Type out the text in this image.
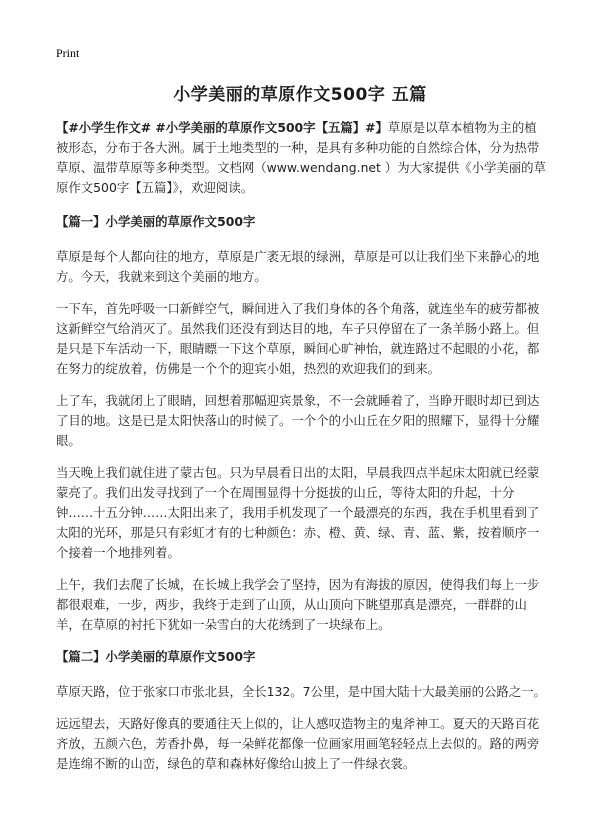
Print
小学美丽的草原作文500字 五篇

【#小学生作文# #小学美丽的草原作文500字【五篇】#】草原是以草本植物为主的植被形态，分布于各大洲。属于土地类型的一种，是具有多种功能的自然综合体，分为热带草原、温带草原等多种类型。文档网（www.wendang.net ）为大家提供《小学美丽的草原作文500字【五篇】》，欢迎阅读。

【篇一】小学美丽的草原作文500字

草原是每个人都向往的地方，草原是广袤无垠的绿洲，草原是可以让我们坐下来静心的地方。今天，我就来到这个美丽的地方。

一下车，首先呼吸一口新鲜空气，瞬间进入了我们身体的各个角落，就连坐车的疲劳都被这新鲜空气给消灭了。虽然我们还没有到达目的地，车子只停留在了一条羊肠小路上。但是只是下车活动一下，眼睛瞟一下这个草原，瞬间心旷神怡，就连路过不起眼的小花，都在努力的绽放着，仿佛是一个个的迎宾小姐，热烈的欢迎我们的到来。

上了车，我就闭上了眼睛，回想着那幅迎宾景象，不一会就睡着了，当睁开眼时却已到达了目的地。这是已是太阳快落山的时候了。一个个的小山丘在夕阳的照耀下，显得十分耀眼。

当天晚上我们就住进了蒙古包。只为早晨看日出的太阳，早晨我四点半起床太阳就已经蒙蒙亮了。我们出发寻找到了一个在周围显得十分挺拔的山丘，等待太阳的升起，十分钟……十五分钟……太阳出来了，我用手机发现了一个最漂亮的东西，我在手机里看到了太阳的光环，那是只有彩虹才有的七种颜色：赤、橙、黄、绿、青、蓝、紫，按着顺序一个接着一个地排列着。

上午，我们去爬了长城，在长城上我学会了坚持，因为有海拔的原因，使得我们每上一步都很艰难，一步，两步，我终于走到了山顶，从山顶向下眺望那真是漂亮，一群群的山羊，在草原的衬托下犹如一朵雪白的大花绣到了一块绿布上。

【篇二】小学美丽的草原作文500字

草原天路，位于张家口市张北县，全长132。7公里，是中国大陆十大最美丽的公路之一。

远远望去，天路好像真的要通往天上似的，让人感叹造物主的鬼斧神工。夏天的天路百花齐放，五颜六色，芳香扑鼻，每一朵鲜花都像一位画家用画笔轻轻点上去似的。路的两旁是连绵不断的山峦，绿色的草和森林好像给山披上了一件绿衣裳。
